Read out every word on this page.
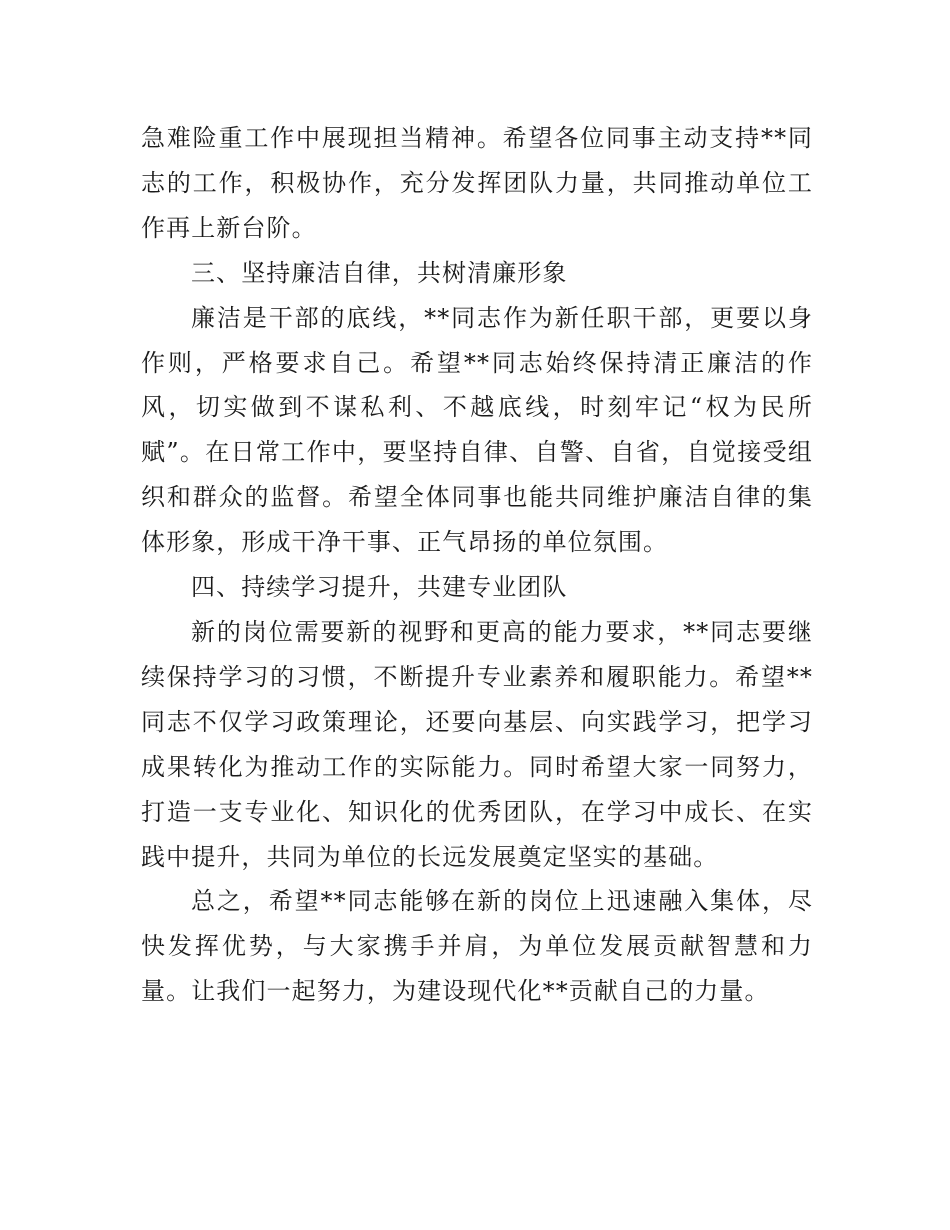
急难险重工作中展现担当精神。希望各位同事主动支持**同志的工作，积极协作，充分发挥团队力量，共同推动单位工作再上新台阶。

三、坚持廉洁自律，共树清廉形象

廉洁是干部的底线，**同志作为新任职干部，更要以身作则，严格要求自己。希望**同志始终保持清正廉洁的作风，切实做到不谋私利、不越底线，时刻牢记“权为民所赋”。在日常工作中，要坚持自律、自警、自省，自觉接受组织和群众的监督。希望全体同事也能共同维护廉洁自律的集体形象，形成干净干事、正气昂扬的单位氛围。

四、持续学习提升，共建专业团队

新的岗位需要新的视野和更高的能力要求，**同志要继续保持学习的习惯，不断提升专业素养和履职能力。希望**同志不仅学习政策理论，还要向基层、向实践学习，把学习成果转化为推动工作的实际能力。同时希望大家一同努力，打造一支专业化、知识化的优秀团队，在学习中成长、在实践中提升，共同为单位的长远发展奠定坚实的基础。

总之，希望**同志能够在新的岗位上迅速融入集体，尽快发挥优势，与大家携手并肩，为单位发展贡献智慧和力量。让我们一起努力，为建设现代化**贡献自己的力量。
